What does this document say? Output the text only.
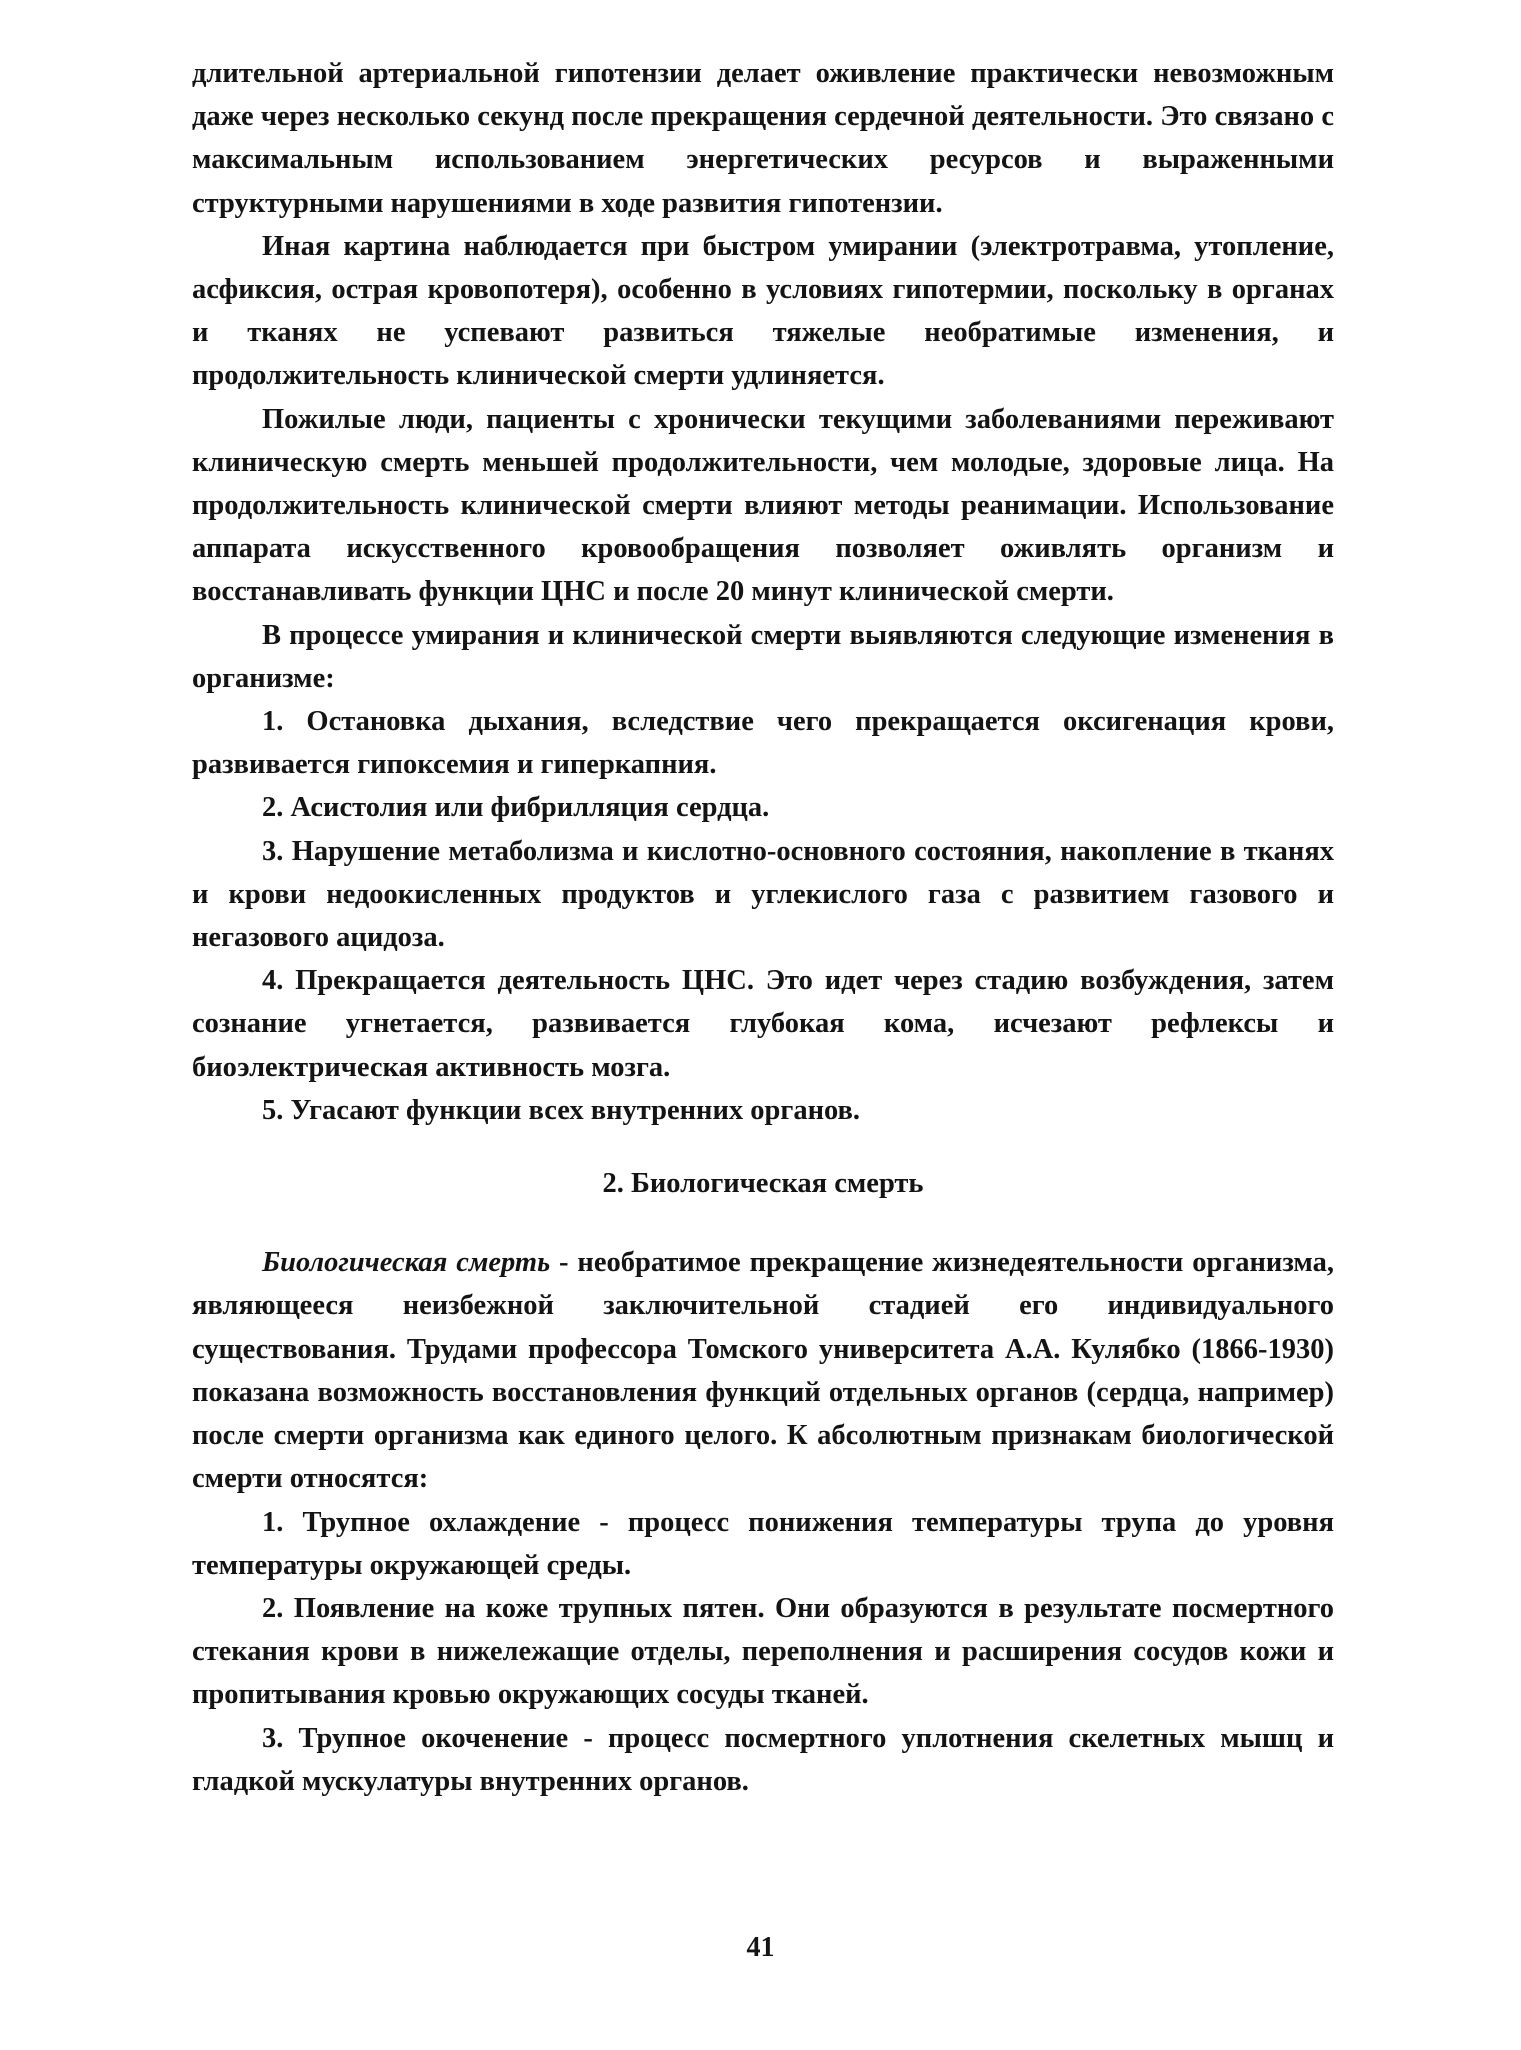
длительной артериальной гипотензии делает оживление практически невозможным даже через несколько секунд после прекращения сердечной деятельности. Это связано с максимальным использованием энергетических ресурсов и выраженными структурными нарушениями в ходе развития гипотензии.

Иная картина наблюдается при быстром умирании (электротравма, утопление, асфиксия, острая кровопотеря), особенно в условиях гипотермии, поскольку в органах и тканях не успевают развиться тяжелые необратимые изменения, и продолжительность клинической смерти удлиняется.

Пожилые люди, пациенты с хронически текущими заболеваниями переживают клиническую смерть меньшей продолжительности, чем молодые, здоровые лица. На продолжительность клинической смерти влияют методы реанимации. Использование аппарата искусственного кровообращения позволяет оживлять организм и восстанавливать функции ЦНС и после 20 минут клинической смерти.

В процессе умирания и клинической смерти выявляются следующие изменения в организме:

1. Остановка дыхания, вследствие чего прекращается оксигенация крови, развивается гипоксемия и гиперкапния.

2. Асистолия или фибрилляция сердца.

3. Нарушение метаболизма и кислотно-основного состояния, накопление в тканях и крови недоокисленных продуктов и углекислого газа с развитием газового и негазового ацидоза.

4. Прекращается деятельность ЦНС. Это идет через стадию возбуждения, затем сознание угнетается, развивается глубокая кома, исчезают рефлексы и биоэлектрическая активность мозга.

5. Угасают функции всех внутренних органов.

2. Биологическая смерть

Биологическая смерть - необратимое прекращение жизнедеятельности организма, являющееся неизбежной заключительной стадией его индивидуального существования. Трудами профессора Томского университета А.А. Кулябко (1866-1930) показана возможность восстановления функций отдельных органов (сердца, например) после смерти организма как единого целого. К абсолютным признакам биологической смерти относятся:

1. Трупное охлаждение - процесс понижения температуры трупа до уровня температуры окружающей среды.

2. Появление на коже трупных пятен. Они образуются в результате посмертного стекания крови в нижележащие отделы, переполнения и расширения сосудов кожи и пропитывания кровью окружающих сосуды тканей.

3. Трупное окоченение - процесс посмертного уплотнения скелетных мышц и гладкой мускулатуры внутренних органов.

41
